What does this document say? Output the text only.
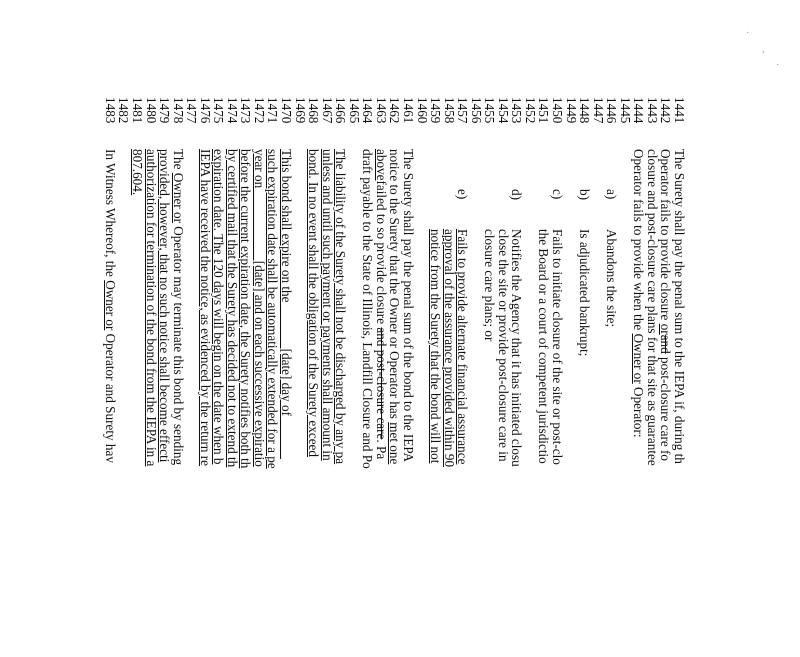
1441
The Surety shall pay the penal sum to the IEPA if, during th
1442
Operator fails to provide closure orand post-closure care fo
1443
closure and post-closure care plans for that site as guarantee
1444
Operator fails to provide when the Owner or Operator:
1445
1446
a)
Abandons the site;
1447
1448
b)
Is adjudicated bankrupt;
1449
1450
c)
Fails to initiate closure of the site or post-clo
1451
the Board or a court of competent jurisdictio
1452
1453
d)
Notifies the Agency that it has initiated closu
1454
close the site or provide post-closure care in
1455
closure care plans; or
1456
1457
e)
Fails to provide alternate financial assurance
1458
approval of the assurance provided within 90
1459
notice from the Surety that the bond will not
1460
1461
The Surety shall pay the penal sum of the bond to the IEPA
1462
notice to the Surety that the Owner or Operator has met one
1463
abovefailed to so provide closure and post-closure care. Pa
1464
draft payable to the State of Illinois, Landfill Closure and Po
1465
1466
The liability of the Surety shall not be discharged by any pa
1467
unless and until such payment or payments shall amount in
1468
bond. In no event shall the obligation of the Surety exceed
1469
1470
This bond shall expire on the ______ [date] day of ______
1471
such expiration date shall be automatically extended for a pe
1472
year on __________ [date] and on each successive expiratio
1473
before the current expiration date, the Surety notifies both th
1474
by certified mail that the Surety has decided not to extend th
1475
expiration date. The 120 days will begin on the date when b
1476
IEPA have received the notice, as evidenced by the return re
1477
1478
The Owner or Operator may terminate this bond by sending
1479
provided, however, that no such notice shall become effecti
1480
authorization for termination of the bond from the IEPA in a
1481
807.604.
1482
1483
In Witness Whereof, the Owner or Operator and Surety hav
·
,
·
